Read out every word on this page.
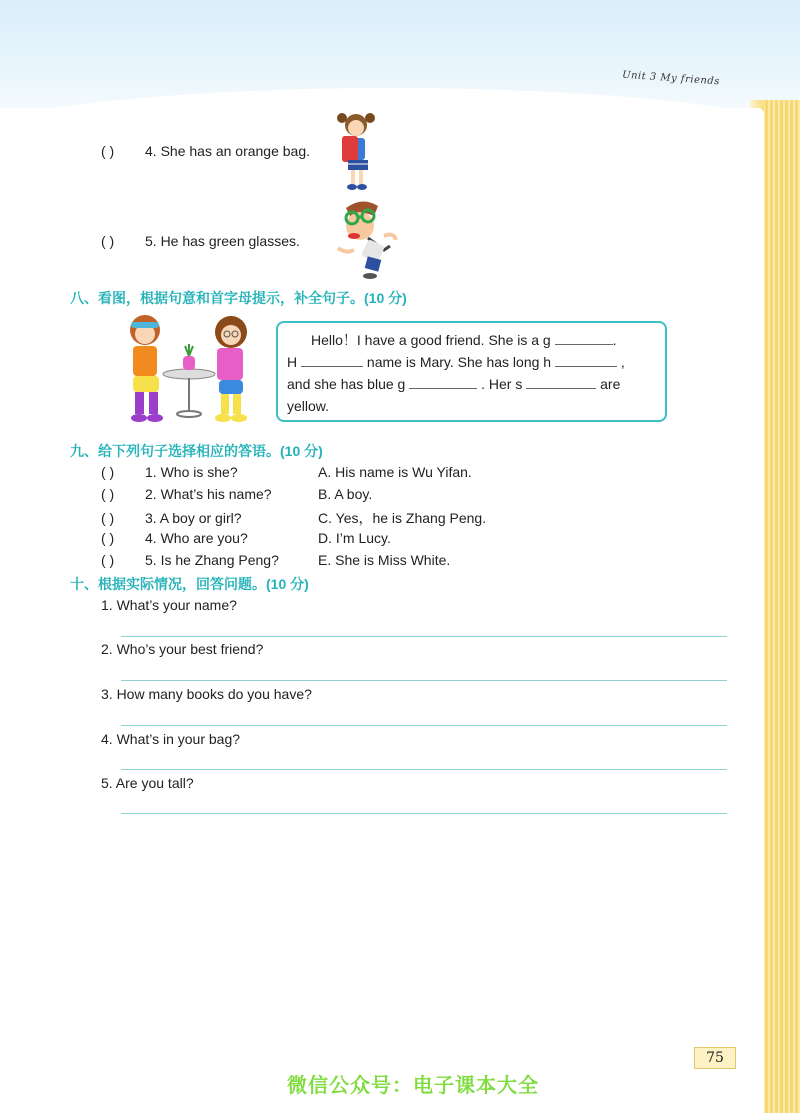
Unit 3 My friends
( ) 4. She has an orange bag.
( ) 5. He has green glasses.
八、看图，根据句意和首字母提示，补全句子。(10 分)
Hello！I have a good friend. She is a g	.
H	name is Mary. She has long h	,
and she has blue g	. Her s	are
yellow.
九、给下列句子选择相应的答语。(10 分)
( ) 1. Who is she?	A. His name is Wu Yifan.
( ) 2. What’s his name?	B. A boy.
( ) 3. A boy or girl?	C. Yes，he is Zhang Peng.
( ) 4. Who are you?	D. I’m Lucy.
( ) 5. Is he Zhang Peng?	E. She is Miss White.
十、根据实际情况，回答问题。(10 分)
1. What’s your name?
2. Who’s your best friend?
3. How many books do you have?
4. What’s in your bag?
5. Are you tall?
75
微信公众号：电子课本大全
